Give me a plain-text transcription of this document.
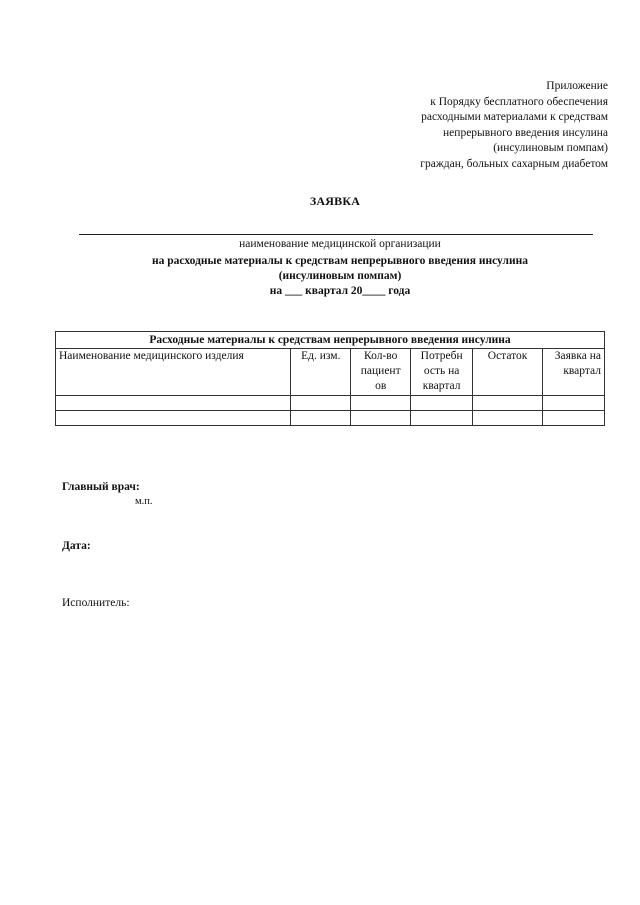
Приложение
к Порядку бесплатного обеспечения
расходными материалами к средствам
непрерывного введения инсулина
(инсулиновым помпам)
граждан, больных сахарным диабетом
ЗАЯВКА
наименование медицинской организации
на расходные материалы к средствам непрерывного введения инсулина
(инсулиновым помпам)
на ___ квартал 20____ года
Расходные материалы к средствам непрерывного введения инсулина					
Наименование медицинского изделия	Ед. изм.	Кол-во пациент ов	Потребн ость на квартал	Остаток	Заявка на квартал

Главный врач:
м.п.
Дата:
Исполнитель:
